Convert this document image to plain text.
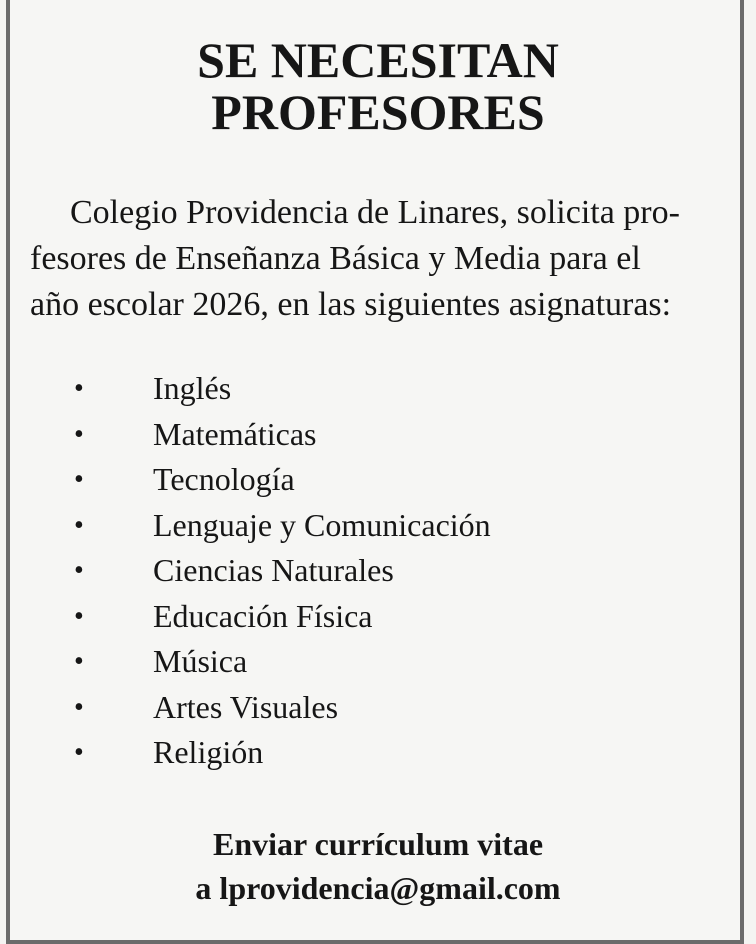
SE NECESITAN
PROFESORES

Colegio Providencia de Linares, solicita pro-
fesores de Enseñanza Básica y Media para el
año escolar 2026, en las siguientes asignaturas:

• Inglés
• Matemáticas
• Tecnología
• Lenguaje y Comunicación
• Ciencias Naturales
• Educación Física
• Música
• Artes Visuales
• Religión

Enviar currículum vitae

a lprovidencia@gmail.com
